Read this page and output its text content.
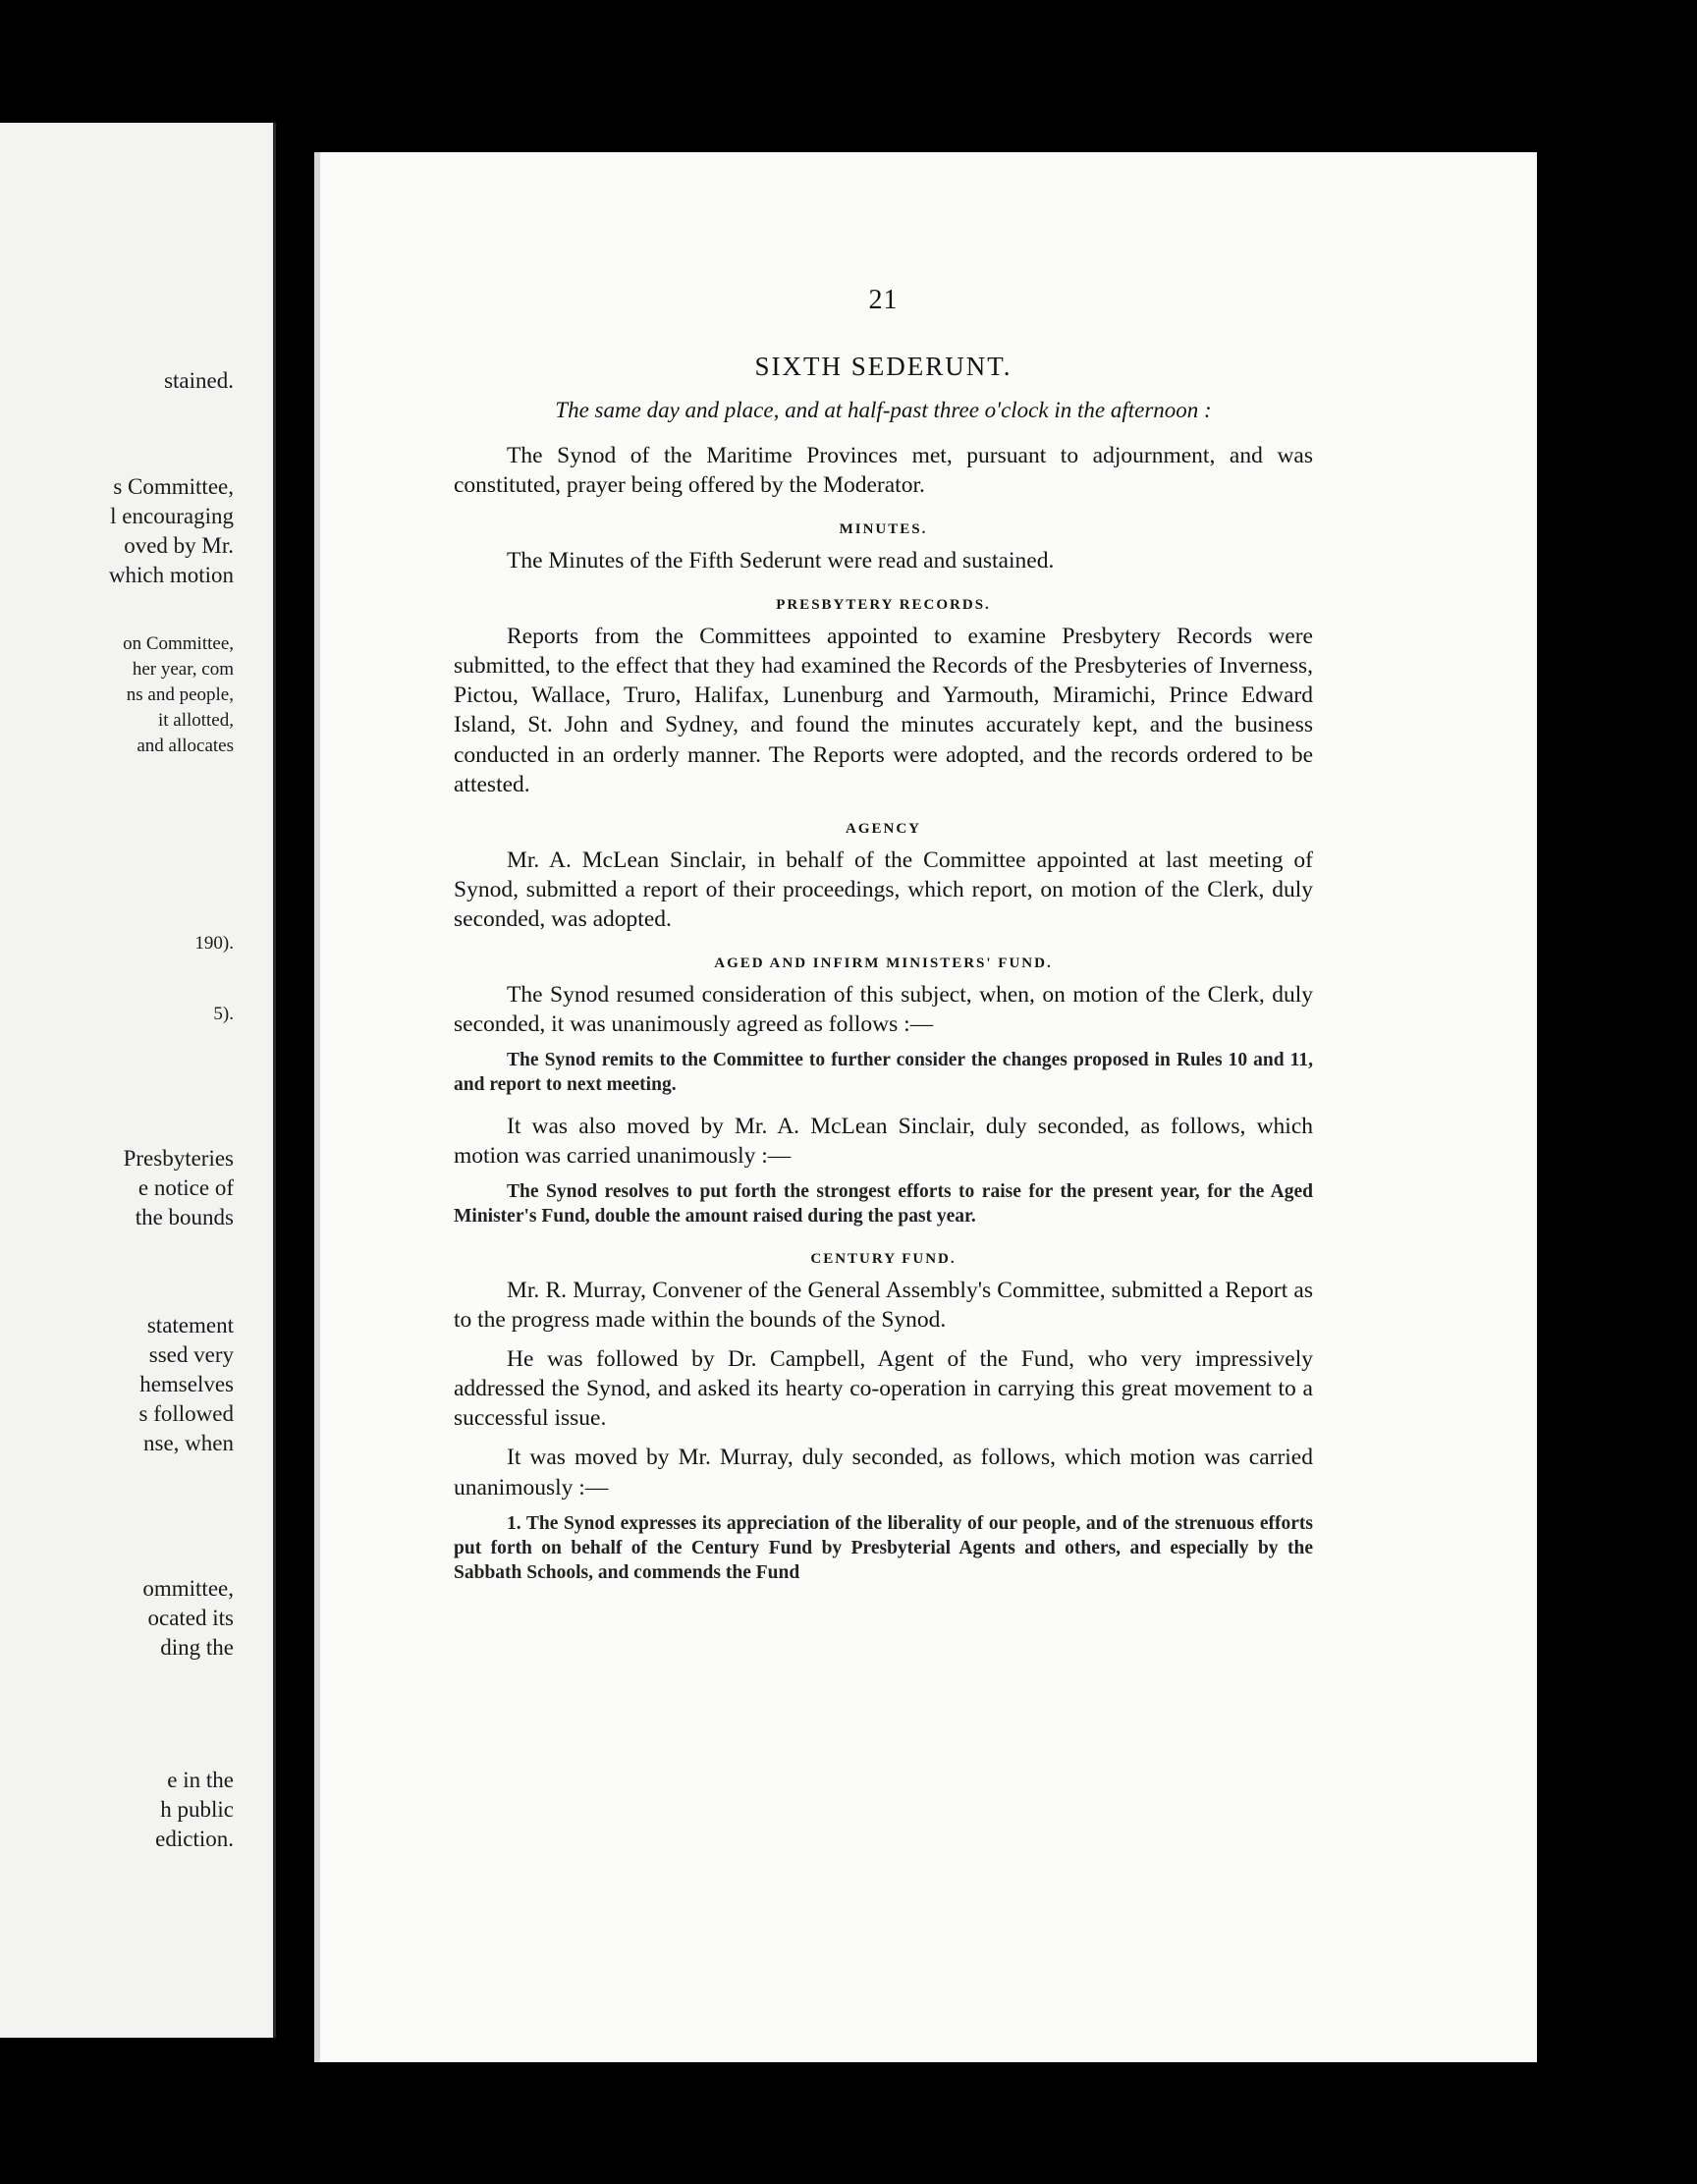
stained.
s Committee,
l encouraging
oved by Mr.
which motion
on Committee,
her year, com
ns and people,
it allotted,
and allocates
190).
5).
Presbyteries
e notice of
the bounds
statement
ssed very
hemselves
s followed
nse, when
ommittee,
ocated its
ding the
e in the
h public
ediction.
21
SIXTH SEDERUNT.
The same day and place, and at half-past three o'clock in the afternoon :

The Synod of the Maritime Provinces met, pursuant to adjournment, and was constituted, prayer being offered by the Moderator.

MINUTES.

The Minutes of the Fifth Sederunt were read and sustained.

PRESBYTERY RECORDS.

Reports from the Committees appointed to examine Presbytery Records were submitted, to the effect that they had examined the Records of the Presbyteries of Inverness, Pictou, Wallace, Truro, Halifax, Lunenburg and Yarmouth, Miramichi, Prince Edward Island, St. John and Sydney, and found the minutes accurately kept, and the business conducted in an orderly manner. The Reports were adopted, and the records ordered to be attested.

AGENCY

Mr. A. McLean Sinclair, in behalf of the Committee appointed at last meeting of Synod, submitted a report of their proceedings, which report, on motion of the Clerk, duly seconded, was adopted.

AGED AND INFIRM MINISTERS' FUND.

The Synod resumed consideration of this subject, when, on motion of the Clerk, duly seconded, it was unanimously agreed as follows :—

The Synod remits to the Committee to further consider the changes proposed in Rules 10 and 11, and report to next meeting.

It was also moved by Mr. A. McLean Sinclair, duly seconded, as follows, which motion was carried unanimously :—

The Synod resolves to put forth the strongest efforts to raise for the present year, for the Aged Minister's Fund, double the amount raised during the past year.

CENTURY FUND.

Mr. R. Murray, Convener of the General Assembly's Committee, submitted a Report as to the progress made within the bounds of the Synod.

He was followed by Dr. Campbell, Agent of the Fund, who very impressively addressed the Synod, and asked its hearty co-operation in carrying this great movement to a successful issue.

It was moved by Mr. Murray, duly seconded, as follows, which motion was carried unanimously :—

1. The Synod expresses its appreciation of the liberality of our people, and of the strenuous efforts put forth on behalf of the Century Fund by Presbyterial Agents and others, and especially by the Sabbath Schools, and commends the Fund
